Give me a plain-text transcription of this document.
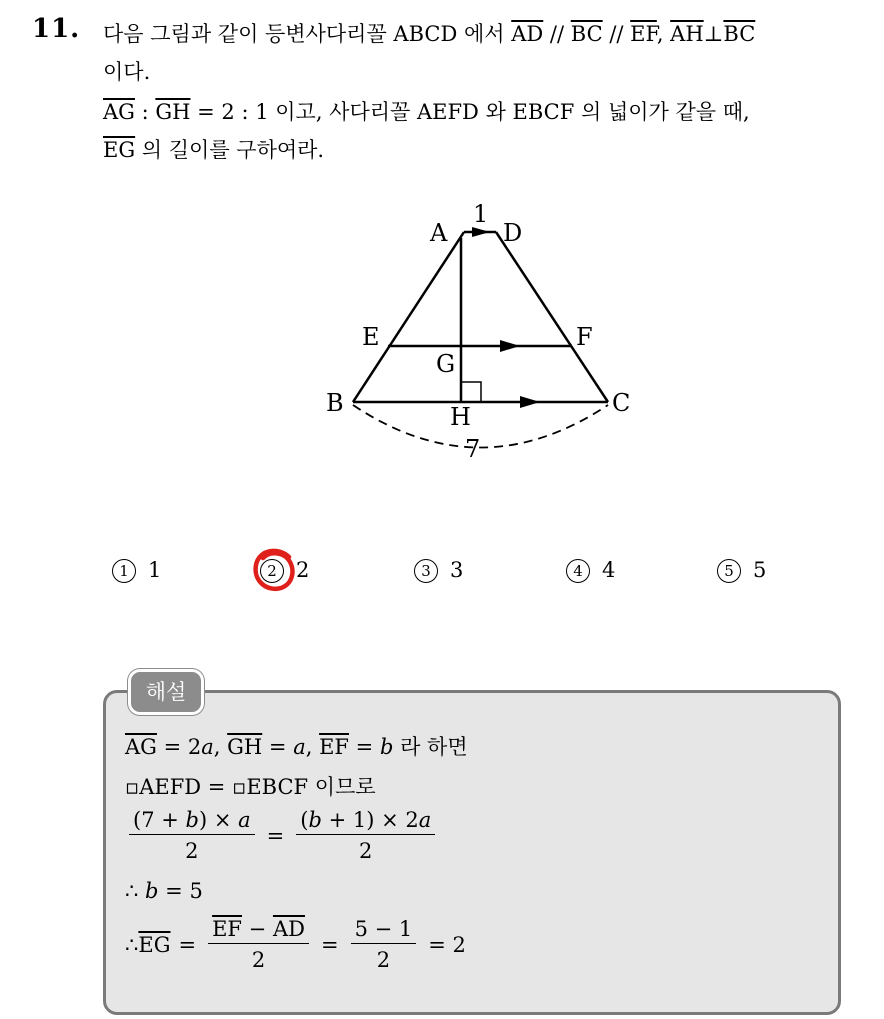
11. 다음 그림과 같이 등변사다리꼴 ABCD 에서 $\overline{AD} // \overline{BC} // \overline{EF}$, $\overline{AH}\perp\overline{BC}$
이다.
$\overline{AG}$ : $\overline{GH} = 2$ : 1 이고, 사다리꼴 AEFD 와 EBCF 의 넓이가 같을 때,
$\overline{EG}$ 의 길이를 구하여라.
A D
1
E	F
G
B	H	C
7
1 1	2 2	3 3	4 4	5 5
해설
$\overline{AG} = 2a$, $\overline{GH} = a$, $\overline{EF} = b$ 라 하면
▫AEFD = ▫EBCF 이므로
$\frac{(7 + b) \times a}{2} = \frac{(b + 1) \times 2a}{2}$
∴ b = 5
∴ $\overline{EG} = \frac{\overline{EF} - \overline{AD}}{2} = \frac{5 - 1}{2} = 2$
